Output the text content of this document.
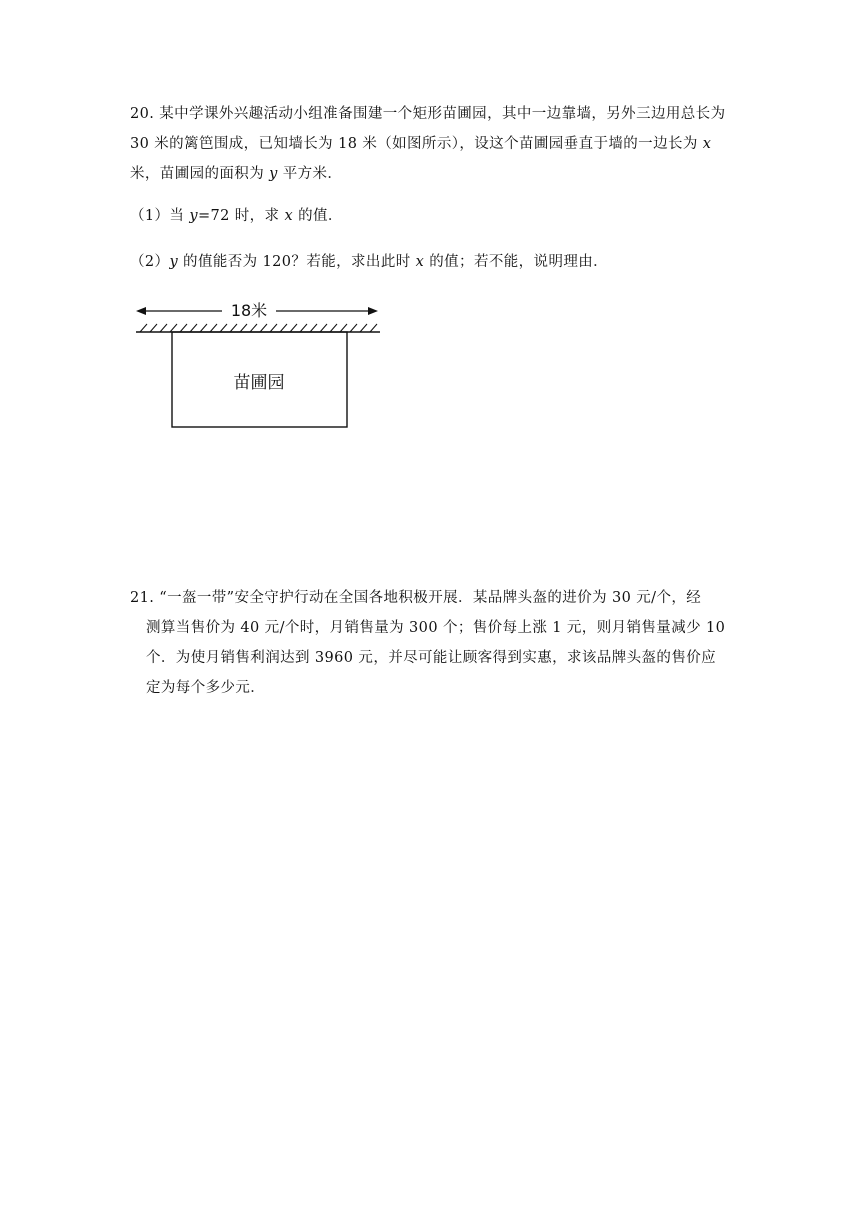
20. 某中学课外兴趣活动小组准备围建一个矩形苗圃园，其中一边靠墙，另外三边用总长为
30 米的篱笆围成，已知墙长为 18 米（如图所示），设这个苗圃园垂直于墙的一边长为 x
米，苗圃园的面积为 y 平方米．
（1）当 y=72 时，求 x 的值．
（2）y 的值能否为 120？若能，求出此时 x 的值；若不能，说明理由．
18米
苗圃园
21. “一盔一带”安全守护行动在全国各地积极开展．某品牌头盔的进价为 30 元/个，经
测算当售价为 40 元/个时，月销售量为 300 个；售价每上涨 1 元，则月销售量减少 10
个．为使月销售利润达到 3960 元，并尽可能让顾客得到实惠，求该品牌头盔的售价应
定为每个多少元．
